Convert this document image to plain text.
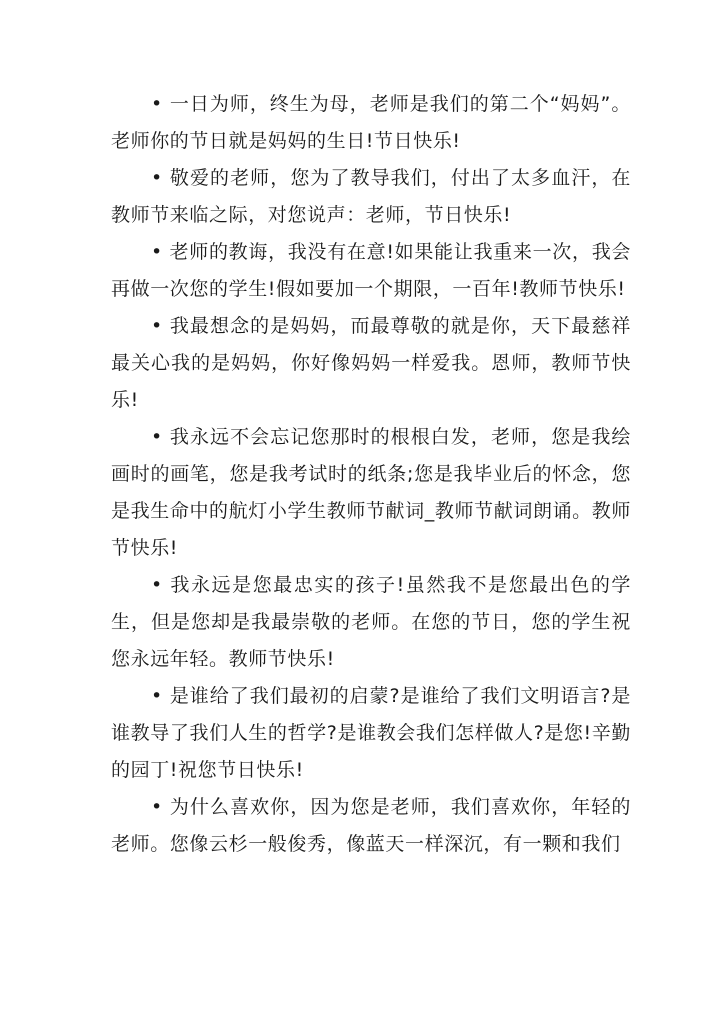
• 一日为师，终生为母，老师是我们的第二个“妈妈”。老师你的节日就是妈妈的生日!节日快乐!

• 敬爱的老师，您为了教导我们，付出了太多血汗，在教师节来临之际，对您说声：老师，节日快乐!

• 老师的教诲，我没有在意!如果能让我重来一次，我会再做一次您的学生!假如要加一个期限，一百年!教师节快乐!

• 我最想念的是妈妈，而最尊敬的就是你，天下最慈祥最关心我的是妈妈，你好像妈妈一样爱我。恩师，教师节快乐!

• 我永远不会忘记您那时的根根白发，老师，您是我绘画时的画笔，您是我考试时的纸条;您是我毕业后的怀念，您是我生命中的航灯小学生教师节献词_教师节献词朗诵。教师节快乐!

• 我永远是您最忠实的孩子!虽然我不是您最出色的学生，但是您却是我最崇敬的老师。在您的节日，您的学生祝您永远年轻。教师节快乐!

• 是谁给了我们最初的启蒙?是谁给了我们文明语言?是谁教导了我们人生的哲学?是谁教会我们怎样做人?是您!辛勤的园丁!祝您节日快乐!

• 为什么喜欢你，因为您是老师，我们喜欢你，年轻的老师。您像云杉一般俊秀，像蓝天一样深沉，有一颗和我们
